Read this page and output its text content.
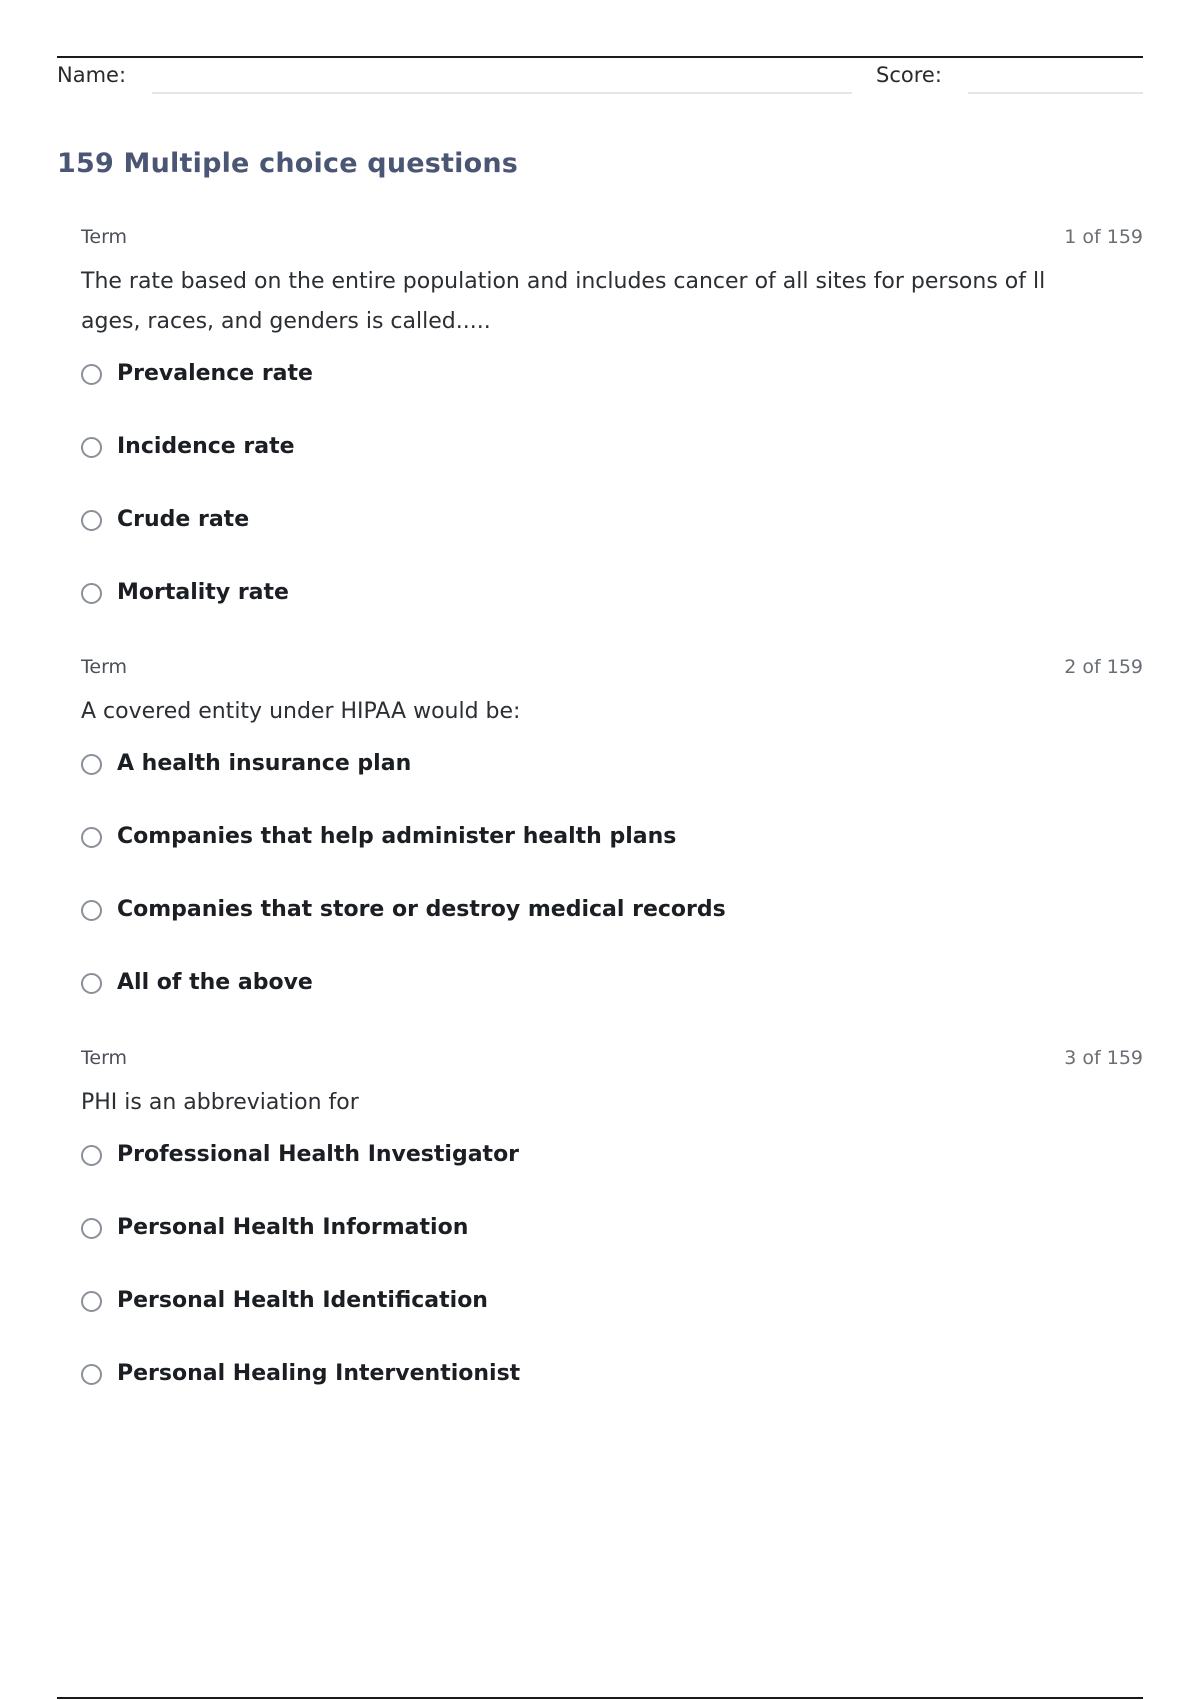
Name:	Score:
159 Multiple choice questions
Term	1 of 159
The rate based on the entire population and includes cancer of all sites for persons of ll ages, races, and genders is called.....
Prevalence rate
Incidence rate
Crude rate
Mortality rate
Term	2 of 159
A covered entity under HIPAA would be:
A health insurance plan
Companies that help administer health plans
Companies that store or destroy medical records
All of the above
Term	3 of 159
PHI is an abbreviation for
Professional Health Investigator
Personal Health Information
Personal Health Identification
Personal Healing Interventionist
